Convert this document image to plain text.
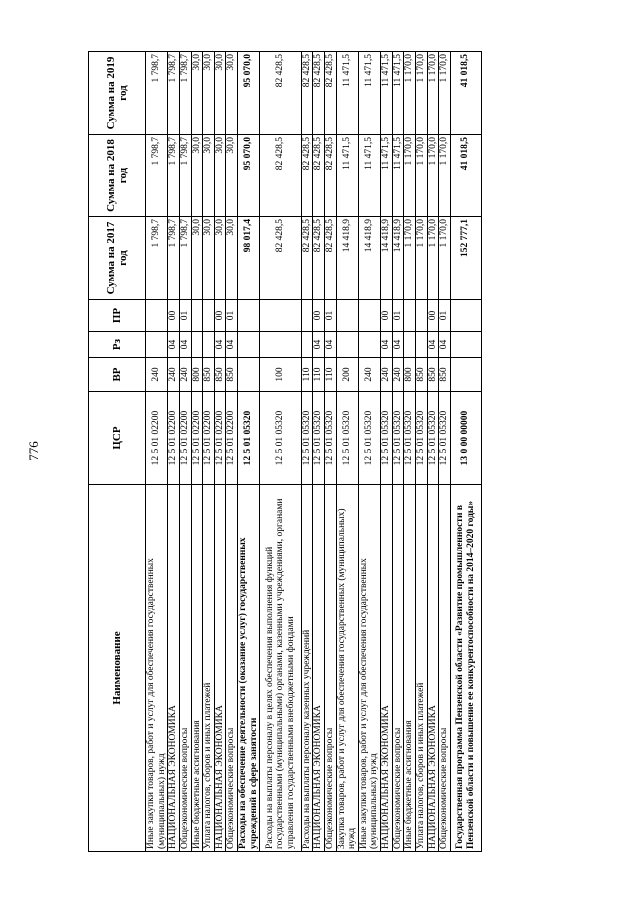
776
Наименование	ЦСР	ВР	Рз	ПР	Сумма на 2017 год	Сумма на 2018 год	Сумма на 2019 год
Иные закупки товаров, работ и услуг для обеспечения государственных (муниципальных) нужд	12 5 01 02200	240			1 798,7	1 798,7	1 798,7
НАЦИОНАЛЬНАЯ ЭКОНОМИКА	12 5 01 02200	240	04	00	1 798,7	1 798,7	1 798,7
Общеэкономические вопросы	12 5 01 02200	240	04	01	1 798,7	1 798,7	1 798,7
Иные бюджетные ассигнования	12 5 01 02200	800			30,0	30,0	30,0
Уплата налогов, сборов и иных платежей	12 5 01 02200	850			30,0	30,0	30,0
НАЦИОНАЛЬНАЯ ЭКОНОМИКА	12 5 01 02200	850	04	00	30,0	30,0	30,0
Общеэкономические вопросы	12 5 01 02200	850	04	01	30,0	30,0	30,0
Расходы на обеспечение деятельности (оказание услуг) государственных учреждений в сфере занятости	12 5 01 05320				98 017,4	95 070,0	95 070,0
Расходы на выплаты персоналу в целях обеспечения выполнения функций государственными (муниципальными) органами, казенными учреждениями, органами управления государственными внебюджетными фондами	12 5 01 05320	100			82 428,5	82 428,5	82 428,5
Расходы на выплаты персоналу казенных учреждений	12 5 01 05320	110			82 428,5	82 428,5	82 428,5
НАЦИОНАЛЬНАЯ ЭКОНОМИКА	12 5 01 05320	110	04	00	82 428,5	82 428,5	82 428,5
Общеэкономические вопросы	12 5 01 05320	110	04	01	82 428,5	82 428,5	82 428,5
Закупка товаров, работ и услуг для обеспечения государственных (муниципальных) нужд	12 5 01 05320	200			14 418,9	11 471,5	11 471,5
Иные закупки товаров, работ и услуг для обеспечения государственных (муниципальных) нужд	12 5 01 05320	240			14 418,9	11 471,5	11 471,5
НАЦИОНАЛЬНАЯ ЭКОНОМИКА	12 5 01 05320	240	04	00	14 418,9	11 471,5	11 471,5
Общеэкономические вопросы	12 5 01 05320	240	04	01	14 418,9	11 471,5	11 471,5
Иные бюджетные ассигнования	12 5 01 05320	800			1 170,0	1 170,0	1 170,0
Уплата налогов, сборов и иных платежей	12 5 01 05320	850			1 170,0	1 170,0	1 170,0
НАЦИОНАЛЬНАЯ ЭКОНОМИКА	12 5 01 05320	850	04	00	1 170,0	1 170,0	1 170,0
Общеэкономические вопросы	12 5 01 05320	850	04	01	1 170,0	1 170,0	1 170,0
Государственная программа Пензенской области «Развитие промышленности в Пензенской области и повышение ее конкурентоспособности на 2014–2020 годы»	13 0 00 00000				152 777,1	41 018,5	41 018,5
